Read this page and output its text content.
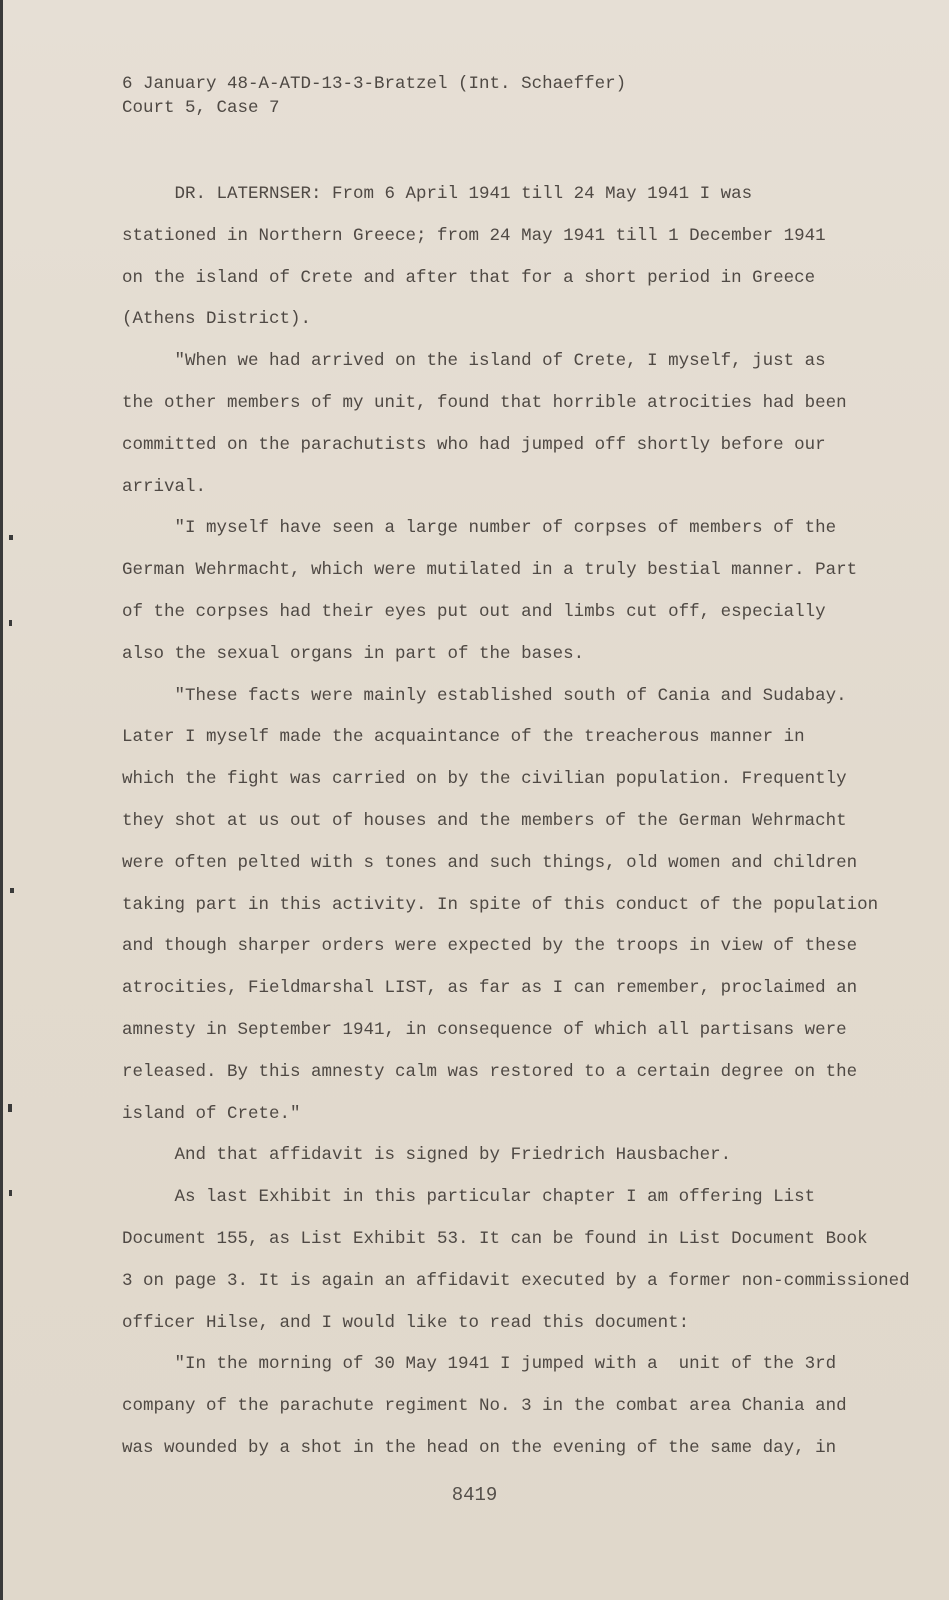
6 January 48-A-ATD-13-3-Bratzel (Int. Schaeffer)
Court 5, Case 7
DR. LATERNSER: From 6 April 1941 till 24 May 1941 I was
stationed in Northern Greece; from 24 May 1941 till 1 December 1941
on the island of Crete and after that for a short period in Greece
(Athens District).
"When we had arrived on the island of Crete, I myself, just as
the other members of my unit, found that horrible atrocities had been
committed on the parachutists who had jumped off shortly before our
arrival.
"I myself have seen a large number of corpses of members of the
German Wehrmacht, which were mutilated in a truly bestial manner. Part
of the corpses had their eyes put out and limbs cut off, especially
also the sexual organs in part of the bases.
"These facts were mainly established south of Cania and Sudabay.
Later I myself made the acquaintance of the treacherous manner in
which the fight was carried on by the civilian population. Frequently
they shot at us out of houses and the members of the German Wehrmacht
were often pelted with s tones and such things, old women and children
taking part in this activity. In spite of this conduct of the population
and though sharper orders were expected by the troops in view of these
atrocities, Fieldmarshal LIST, as far as I can remember, proclaimed an
amnesty in September 1941, in consequence of which all partisans were
released. By this amnesty calm was restored to a certain degree on the
island of Crete."
And that affidavit is signed by Friedrich Hausbacher.
As last Exhibit in this particular chapter I am offering List
Document 155, as List Exhibit 53. It can be found in List Document Book
3 on page 3. It is again an affidavit executed by a former non-commissioned
officer Hilse, and I would like to read this document:
"In the morning of 30 May 1941 I jumped with a  unit of the 3rd
company of the parachute regiment No. 3 in the combat area Chania and
was wounded by a shot in the head on the evening of the same day, in
8419
